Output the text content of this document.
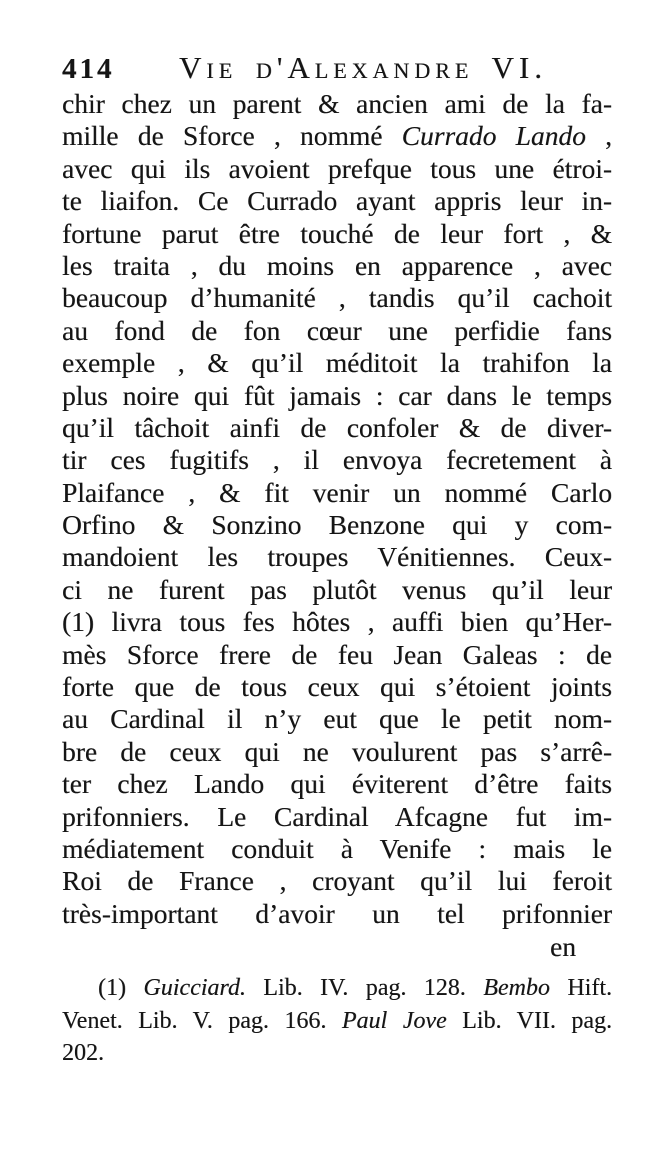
414	Vie d'Alexandre VI.
chir chez un parent & ancien ami de la fa-
mille de Sforce , nommé Currado Lando ,
avec qui ils avoient prefque tous une étroi-
te liaifon. Ce Currado ayant appris leur in-
fortune parut être touché de leur fort , &
les traita , du moins en apparence , avec
beaucoup d’humanité , tandis qu’il cachoit
au fond de fon cœur une perfidie fans
exemple , & qu’il méditoit la trahifon la
plus noire qui fût jamais : car dans le temps
qu’il tâchoit ainfi de confoler & de diver-
tir ces fugitifs , il envoya fecretement à
Plaifance , & fit venir un nommé Carlo
Orfino & Sonzino Benzone qui y com-
mandoient les troupes Vénitiennes. Ceux-
ci ne furent pas plutôt venus qu’il leur
(1) livra tous fes hôtes , auffi bien qu’Her-
mès Sforce frere de feu Jean Galeas : de
forte que de tous ceux qui s’étoient joints
au Cardinal il n’y eut que le petit nom-
bre de ceux qui ne voulurent pas s’arrê-
ter chez Lando qui éviterent d’être faits
prifonniers. Le Cardinal Afcagne fut im-
médiatement conduit à Venife : mais le
Roi de France , croyant qu’il lui feroit
très-important d’avoir un tel prifonnier
en
(1) Guicciard. Lib. IV. pag. 128. Bembo Hift.
Venet. Lib. V. pag. 166. Paul Jove Lib. VII. pag.
202.
